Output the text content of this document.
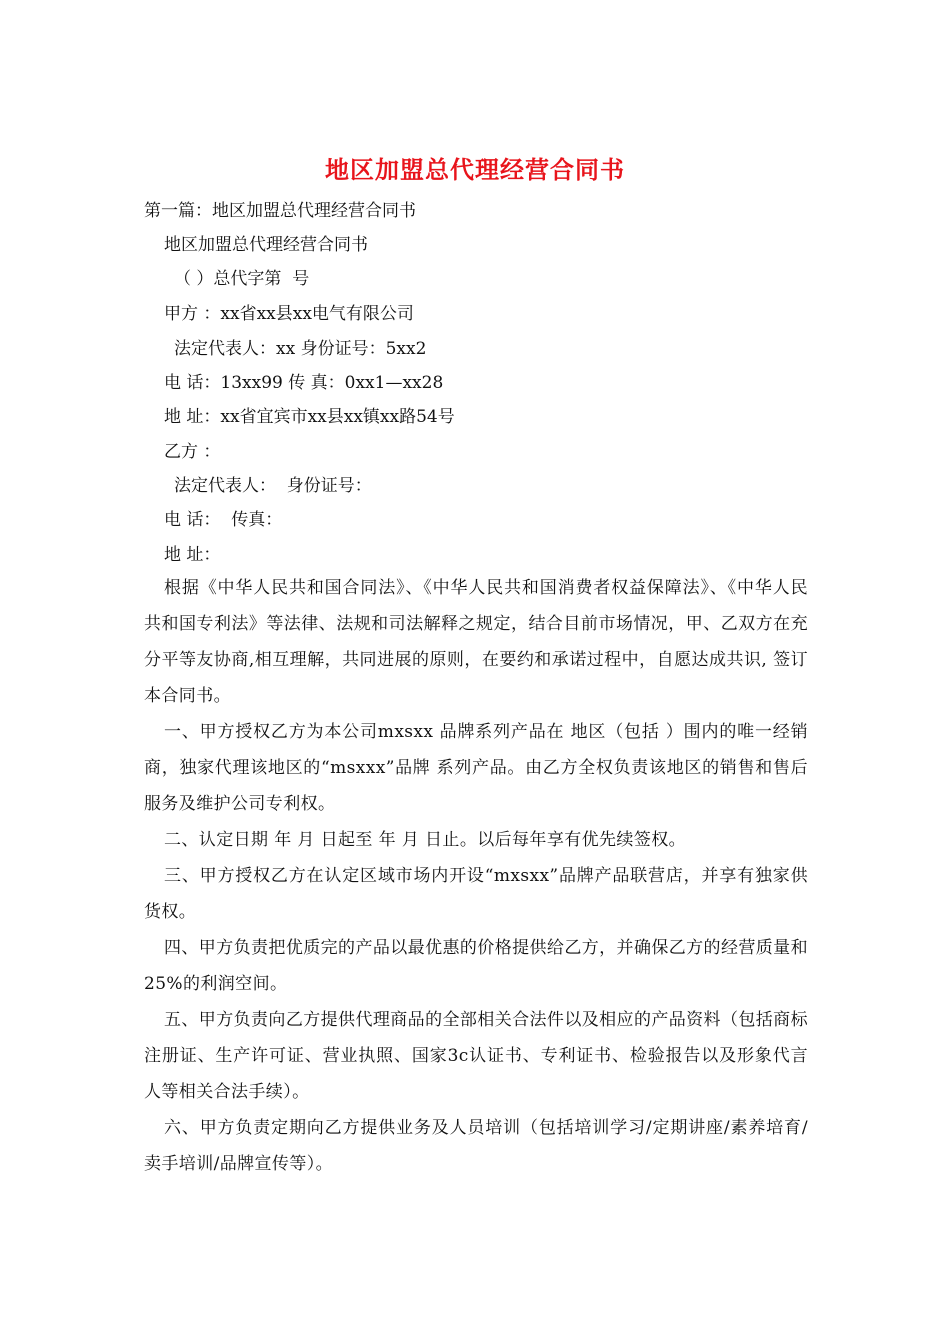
地区加盟总代理经营合同书
第一篇：地区加盟总代理经营合同书
地区加盟总代理经营合同书
（ ）总代字第  号
甲方 ：xx省xx县xx电气有限公司
法定代表人：xx 身份证号：5xx2
电 话：13xx99 传 真：0xx1—xx28
地 址：xx省宜宾市xx县xx镇xx路54号
乙方 ：
法定代表人：  身份证号：
电 话：  传真：
地 址：

根据《中华人民共和国合同法》、《中华人民共和国消费者权益保障法》、《中华人民共和国专利法》等法律、法规和司法解释之规定，结合目前市场情况，甲、乙双方在充分平等友协商,相互理解，共同进展的原则，在要约和承诺过程中，自愿达成共识, 签订本合同书。

一、甲方授权乙方为本公司mxsxx 品牌系列产品在 地区（包括 ）围内的唯一经销商，独家代理该地区的“msxxx”品牌 系列产品。由乙方全权负责该地区的销售和售后服务及维护公司专利权。

二、认定日期 年 月 日起至 年 月 日止。以后每年享有优先续签权。

三、甲方授权乙方在认定区域市场内开设“mxsxx”品牌产品联营店，并享有独家供货权。

四、甲方负责把优质完的产品以最优惠的价格提供给乙方，并确保乙方的经营质量和25%的利润空间。

五、甲方负责向乙方提供代理商品的全部相关合法件以及相应的产品资料（包括商标注册证、生产许可证、营业执照、国家3c认证书、专利证书、检验报告以及形象代言人等相关合法手续）。

六、甲方负责定期向乙方提供业务及人员培训（包括培训学习/定期讲座/素养培育/卖手培训/品牌宣传等）。
